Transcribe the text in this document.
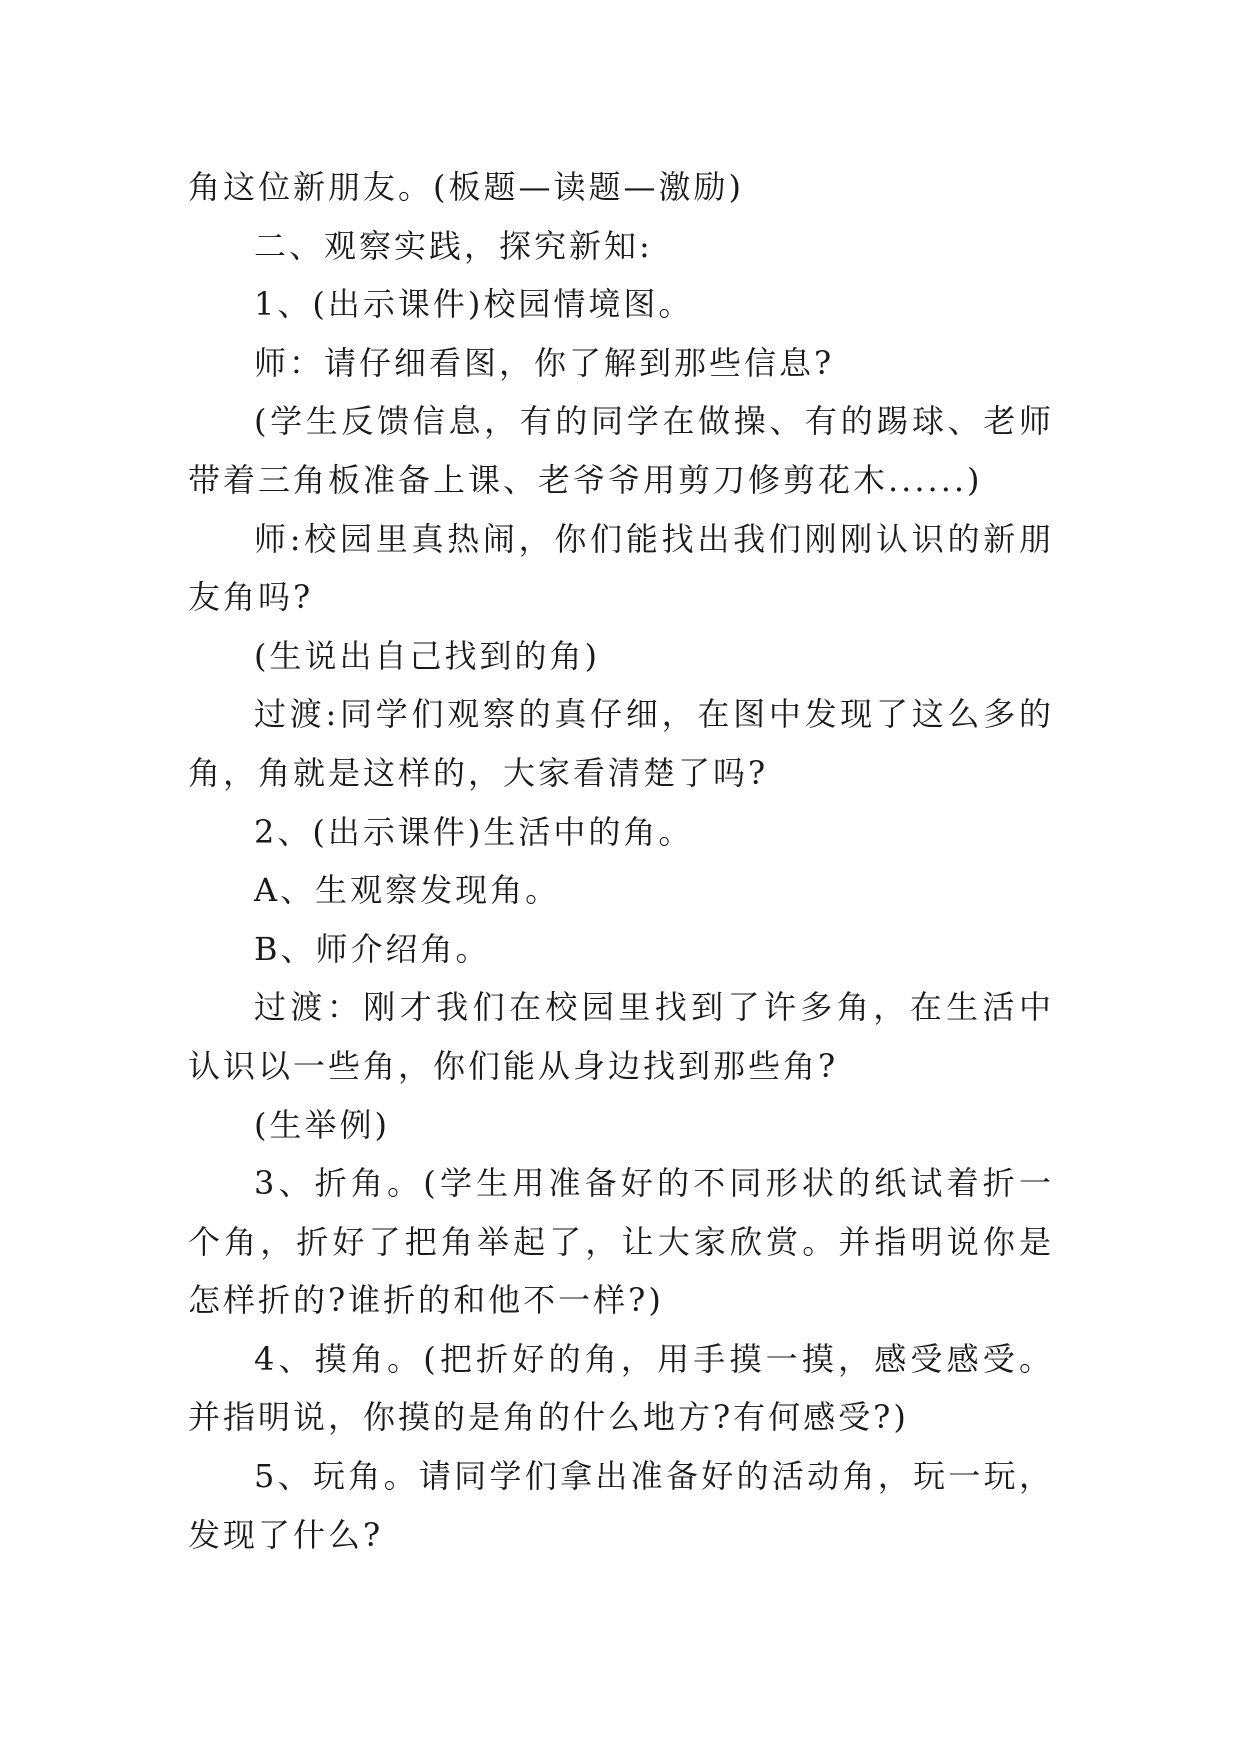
角这位新朋友。(板题—读题—激励)

二、观察实践，探究新知:

1、(出示课件)校园情境图。

师：请仔细看图，你了解到那些信息?

(学生反馈信息，有的同学在做操、有的踢球、老师带着三角板准备上课、老爷爷用剪刀修剪花木......)

师:校园里真热闹，你们能找出我们刚刚认识的新朋友角吗?

(生说出自己找到的角)

过渡:同学们观察的真仔细，在图中发现了这么多的角，角就是这样的，大家看清楚了吗?

2、(出示课件)生活中的角。

A、生观察发现角。

B、师介绍角。

过渡：刚才我们在校园里找到了许多角，在生活中认识以一些角，你们能从身边找到那些角?

(生举例)

3、折角。(学生用准备好的不同形状的纸试着折一个角，折好了把角举起了，让大家欣赏。并指明说你是怎样折的?谁折的和他不一样?)

4、摸角。(把折好的角，用手摸一摸，感受感受。并指明说，你摸的是角的什么地方?有何感受?)

5、玩角。请同学们拿出准备好的活动角，玩一玩，发现了什么?
